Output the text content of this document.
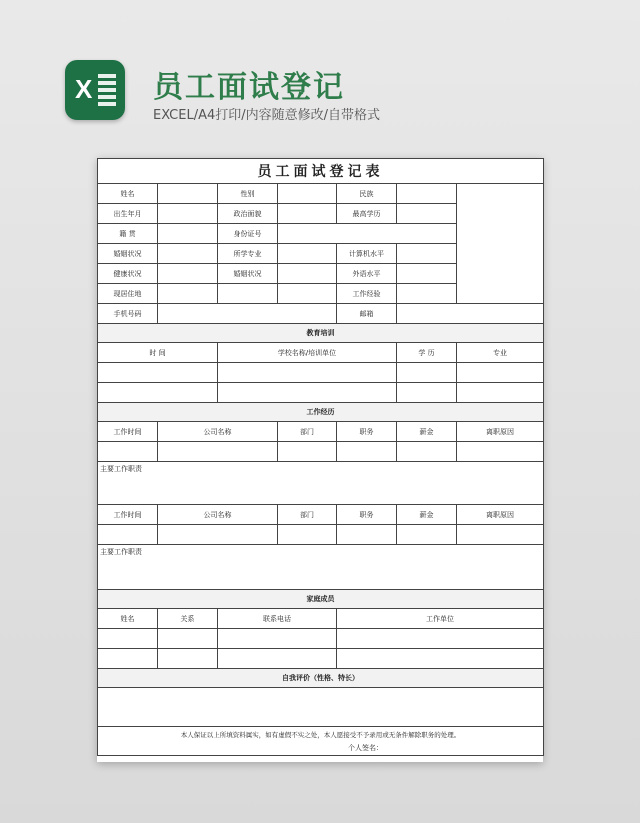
X 员工面试登记
EXCEL/A4打印/内容随意修改/自带格式
员工面试登记表						
姓名		性别		民族		
出生年月		政治面貌		最高学历		
籍 贯		身份证号				
婚姻状况		所学专业		计算机水平		
健康状况		婚姻状况		外语水平		
现居住地				工作经验		
手机号码				邮箱		
教育培训						
时 间		学校名称/培训单位			学 历	专业

工作经历						
工作时间	公司名称		部门	职务	薪金	离职原因

主要工作职责						
工作时间	公司名称		部门	职务	薪金	离职原因

主要工作职责						
家庭成员						
姓名	关系	联系电话		工作单位		

自我评价（性格、特长）						

本人保证以上所填资料属实，如有虚假不实之处，本人愿接受不予录用或无条件解除职务的处理。						
个人签名：						
